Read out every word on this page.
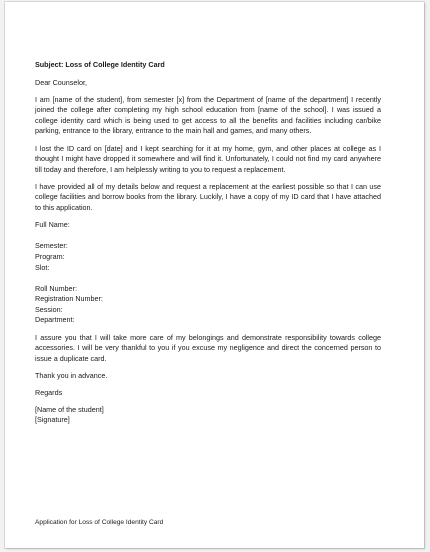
Subject: Loss of College Identity Card

Dear Counselor,

I am [name of the student], from semester [x] from the Department of [name of the department] I recently joined the college after completing my high school education from [name of the school]. I was issued a college identity card which is being used to get access to all the benefits and facilities including car/bike parking, entrance to the library, entrance to the main hall and games, and many others.

I lost the ID card on [date] and I kept searching for it at my home, gym, and other places at college as I thought I might have dropped it somewhere and will find it. Unfortunately, I could not find my card anywhere till today and therefore, I am helplessly writing to you to request a replacement.

I have provided all of my details below and request a replacement at the earliest possible so that I can use college facilities and borrow books from the library. Luckily, I have a copy of my ID card that I have attached to this application.

Full Name:
Semester:
Program:
Slot:
Roll Number:
Registration Number:
Session:
Department:

I assure you that I will take more care of my belongings and demonstrate responsibility towards college accessories. I will be very thankful to you if you excuse my negligence and direct the concerned person to issue a duplicate card.

Thank you in advance.

Regards

[Name of the student]
[Signature]
Application for Loss of College Identity Card
